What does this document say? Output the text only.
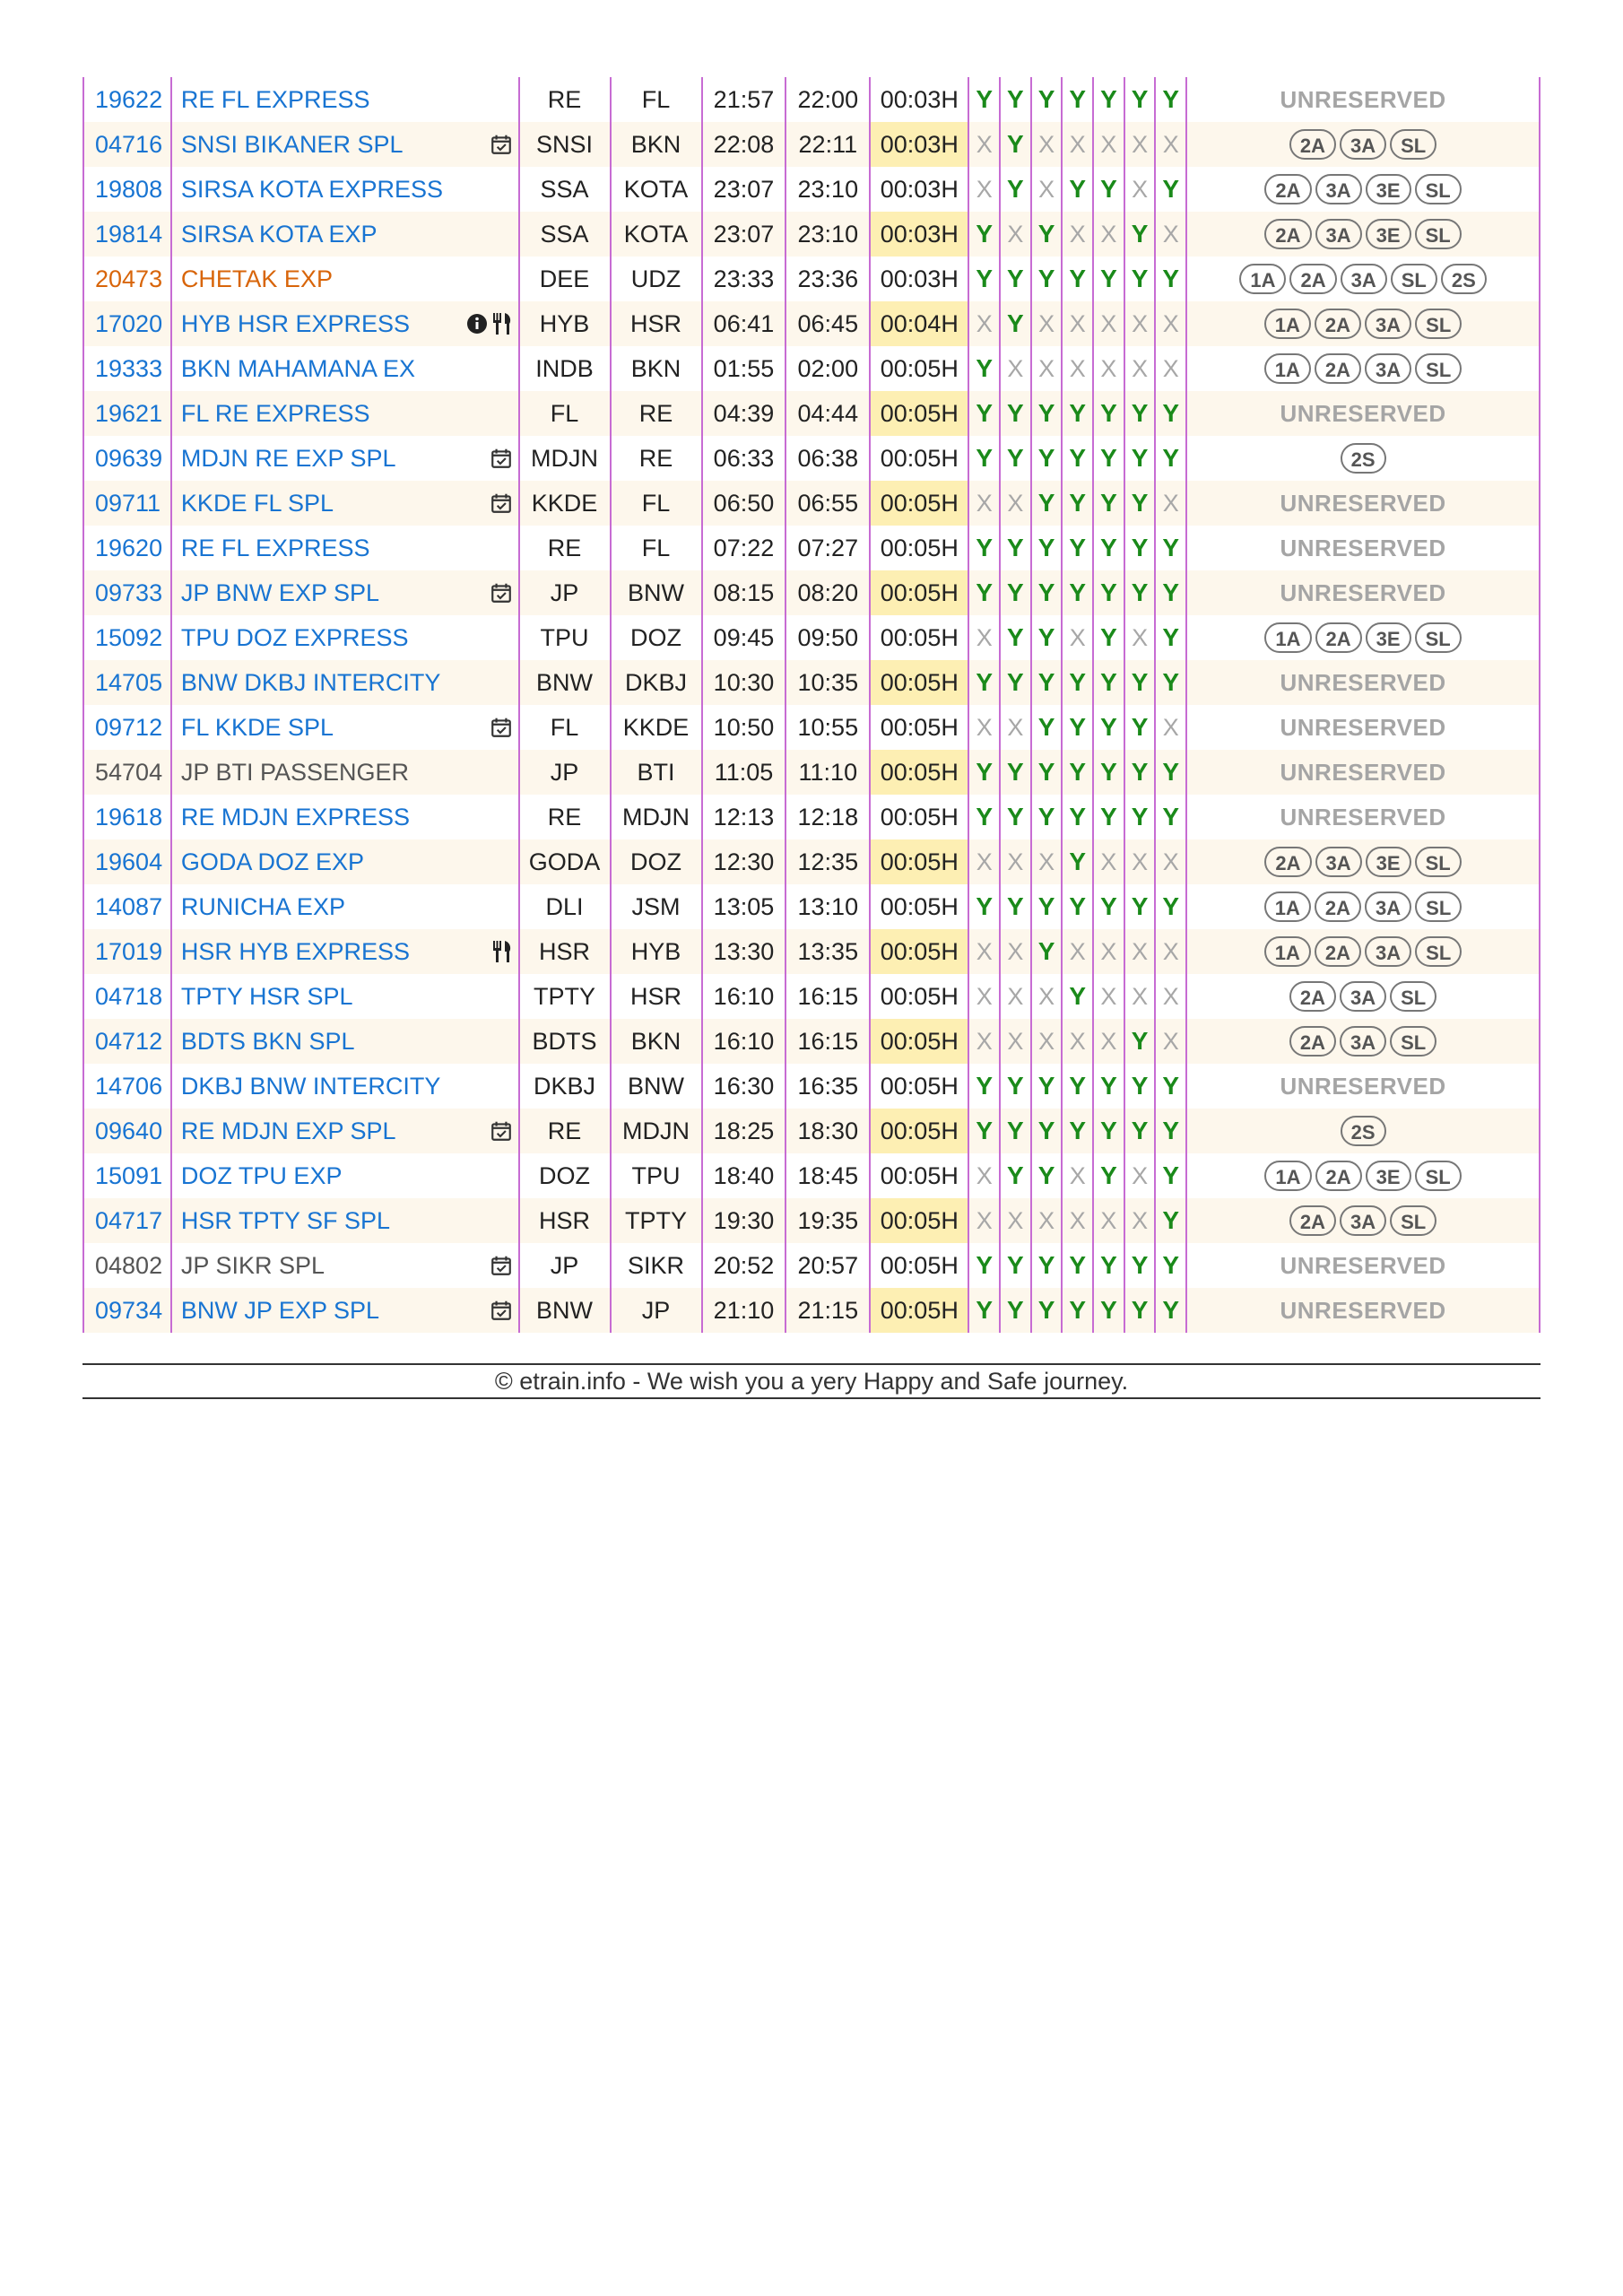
19622	RE FL EXPRESS	RE	FL	21:57	22:00	00:03H	Y	Y	Y	Y	Y	Y	Y	UNRESERVED
04716	SNSI BIKANER SPL	SNSI	BKN	22:08	22:11	00:03H	X	Y	X	X	X	X	X	2A 3A SL
19808	SIRSA KOTA EXPRESS	SSA	KOTA	23:07	23:10	00:03H	X	Y	X	Y	Y	X	Y	2A 3A 3E SL
19814	SIRSA KOTA EXP	SSA	KOTA	23:07	23:10	00:03H	Y	X	Y	X	X	Y	X	2A 3A 3E SL
20473	CHETAK EXP	DEE	UDZ	23:33	23:36	00:03H	Y	Y	Y	Y	Y	Y	Y	1A 2A 3A SL 2S
17020	HYB HSR EXPRESS	HYB	HSR	06:41	06:45	00:04H	X	Y	X	X	X	X	X	1A 2A 3A SL
19333	BKN MAHAMANA EX	INDB	BKN	01:55	02:00	00:05H	Y	X	X	X	X	X	X	1A 2A 3A SL
19621	FL RE EXPRESS	FL	RE	04:39	04:44	00:05H	Y	Y	Y	Y	Y	Y	Y	UNRESERVED
09639	MDJN RE EXP SPL	MDJN	RE	06:33	06:38	00:05H	Y	Y	Y	Y	Y	Y	Y	2S
09711	KKDE FL SPL	KKDE	FL	06:50	06:55	00:05H	X	X	Y	Y	Y	Y	X	UNRESERVED
19620	RE FL EXPRESS	RE	FL	07:22	07:27	00:05H	Y	Y	Y	Y	Y	Y	Y	UNRESERVED
09733	JP BNW EXP SPL	JP	BNW	08:15	08:20	00:05H	Y	Y	Y	Y	Y	Y	Y	UNRESERVED
15092	TPU DOZ EXPRESS	TPU	DOZ	09:45	09:50	00:05H	X	Y	Y	X	Y	X	Y	1A 2A 3E SL
14705	BNW DKBJ INTERCITY	BNW	DKBJ	10:30	10:35	00:05H	Y	Y	Y	Y	Y	Y	Y	UNRESERVED
09712	FL KKDE SPL	FL	KKDE	10:50	10:55	00:05H	X	X	Y	Y	Y	Y	X	UNRESERVED
54704	JP BTI PASSENGER	JP	BTI	11:05	11:10	00:05H	Y	Y	Y	Y	Y	Y	Y	UNRESERVED
19618	RE MDJN EXPRESS	RE	MDJN	12:13	12:18	00:05H	Y	Y	Y	Y	Y	Y	Y	UNRESERVED
19604	GODA DOZ EXP	GODA	DOZ	12:30	12:35	00:05H	X	X	X	Y	X	X	X	2A 3A 3E SL
14087	RUNICHA EXP	DLI	JSM	13:05	13:10	00:05H	Y	Y	Y	Y	Y	Y	Y	1A 2A 3A SL
17019	HSR HYB EXPRESS	HSR	HYB	13:30	13:35	00:05H	X	X	Y	X	X	X	X	1A 2A 3A SL
04718	TPTY HSR SPL	TPTY	HSR	16:10	16:15	00:05H	X	X	X	Y	X	X	X	2A 3A SL
04712	BDTS BKN SPL	BDTS	BKN	16:10	16:15	00:05H	X	X	X	X	X	Y	X	2A 3A SL
14706	DKBJ BNW INTERCITY	DKBJ	BNW	16:30	16:35	00:05H	Y	Y	Y	Y	Y	Y	Y	UNRESERVED
09640	RE MDJN EXP SPL	RE	MDJN	18:25	18:30	00:05H	Y	Y	Y	Y	Y	Y	Y	2S
15091	DOZ TPU EXP	DOZ	TPU	18:40	18:45	00:05H	X	Y	Y	X	Y	X	Y	1A 2A 3E SL
04717	HSR TPTY SF SPL	HSR	TPTY	19:30	19:35	00:05H	X	X	X	X	X	X	Y	2A 3A SL
04802	JP SIKR SPL	JP	SIKR	20:52	20:57	00:05H	Y	Y	Y	Y	Y	Y	Y	UNRESERVED
09734	BNW JP EXP SPL	BNW	JP	21:10	21:15	00:05H	Y	Y	Y	Y	Y	Y	Y	UNRESERVED
© etrain.info - We wish you a yery Happy and Safe journey.
